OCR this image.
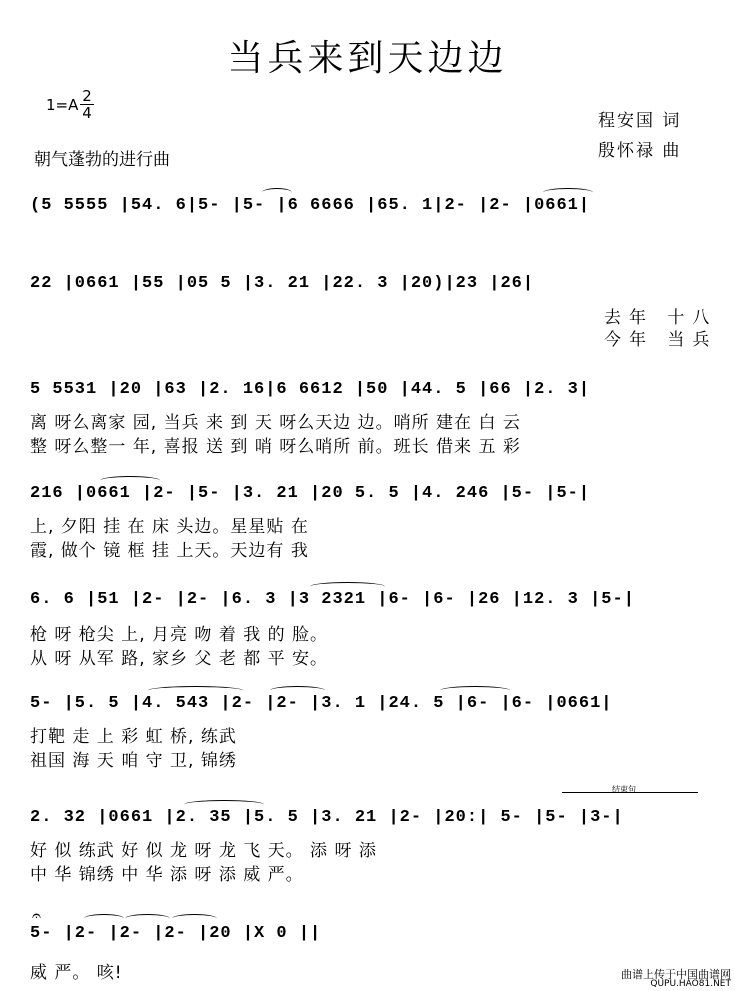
当兵来到天边边
$1=A \frac{2}{4}$
朝气蓬勃的进行曲
程安国 词
殷怀禄 曲
(5 5555 |54. 6|5- |5- |6 6666 |65. 1|2- |2- |0661|
22 |0661 |55 |05 5 |3. 21 |22. 3 |20)|23 |26|
去年 十八
今年 当兵
5 5531 |20 |63 |2. 16|6 6612 |50 |44. 5 |66 |2. 3|
离 呀么离家 园, 当兵 来 到 天 呀么天边 边。哨所 建在 白 云
整 呀么整一 年, 喜报 送 到 哨 呀么哨所 前。班长 借来 五 彩
216 |0661 |2- |5- |3. 21 |20 5. 5 |4. 246 |5- |5-|
上, 夕阳 挂 在 床 头边。星星贴 在
霞, 做个 镜 框 挂 上天。天边有 我
6. 6 |51 |2- |2- |6. 3 |3 2321 |6- |6- |26 |12. 3 |5-|
枪 呀 枪尖 上, 月亮 吻 着 我 的 脸。
从 呀 从军 路, 家乡 父 老 都 平 安。
5- |5. 5 |4. 543 |2- |2- |3. 1 |24. 5 |6- |6- |0661|
打靶 走 上 彩 虹 桥, 练武
祖国 海 天 咱 守 卫, 锦绣
结束句
2. 32 |0661 |2. 35 |5. 5 |3. 21 |2- |20:| 5- |5- |3-|
好 似 练武 好 似 龙 呀 龙 飞 天。 添 呀 添
中 华 锦绣 中 华 添 呀 添 威 严。
𝄐
5- |2- |2- |2- |20 |X 0 ||
威 严。 咳!	曲谱上传于中国曲谱网
QUPU.HAO81.NET
